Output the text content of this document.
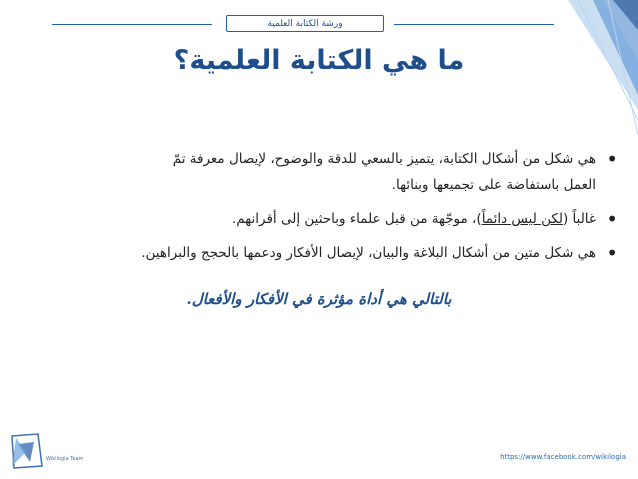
ورشة الكتابة العلمية
ما هي الكتابة العلمية؟
•
هي شكل من أشكال الكتابة، يتميز بالسعي للدقة والوضوح، لإيصال معرفة تمّ
العمل باستفاضة على تجميعها وبنائها.
•
غالباً (لكن ليس دائماً)، موجّهة من قبل علماء وباحثين إلى أقرانهم.
•
هي شكل متين من أشكال البلاغة والبيان، لإيصال الأفكار ودعمها بالحجج والبراهين.
بالتالي هي أداة مؤثرة في الأفكار والأفعال.
Wikilogia Team	https://www.facebook.com/wikilogia
